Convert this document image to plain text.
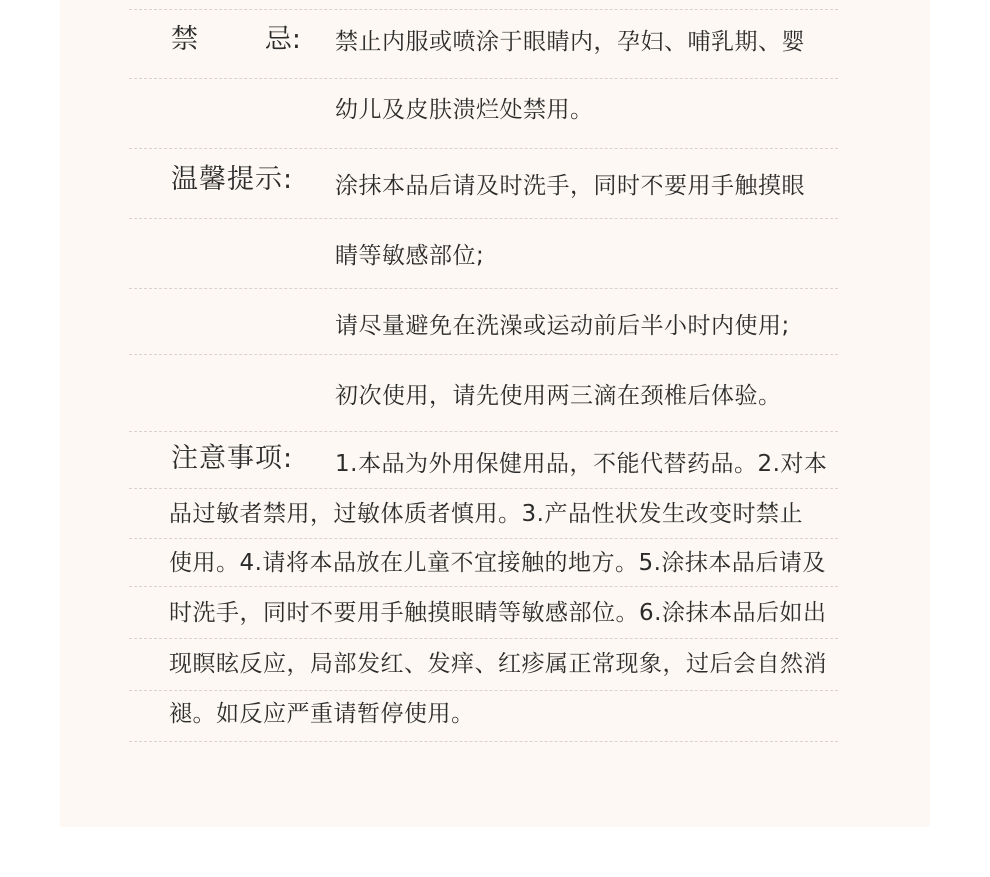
禁 忌: 禁止内服或喷涂于眼睛内，孕妇、哺乳期、婴
幼儿及皮肤溃烂处禁用。
温馨提示: 涂抹本品后请及时洗手，同时不要用手触摸眼
睛等敏感部位;
请尽量避免在洗澡或运动前后半小时内使用;
初次使用，请先使用两三滴在颈椎后体验。
注意事项: 1.本品为外用保健用品，不能代替药品。2.对本
品过敏者禁用，过敏体质者慎用。3.产品性状发生改变时禁止
使用。4.请将本品放在儿童不宜接触的地方。5.涂抹本品后请及
时洗手，同时不要用手触摸眼睛等敏感部位。6.涂抹本品后如出
现瞑眩反应，局部发红、发痒、红疹属正常现象，过后会自然消
褪。如反应严重请暂停使用。
